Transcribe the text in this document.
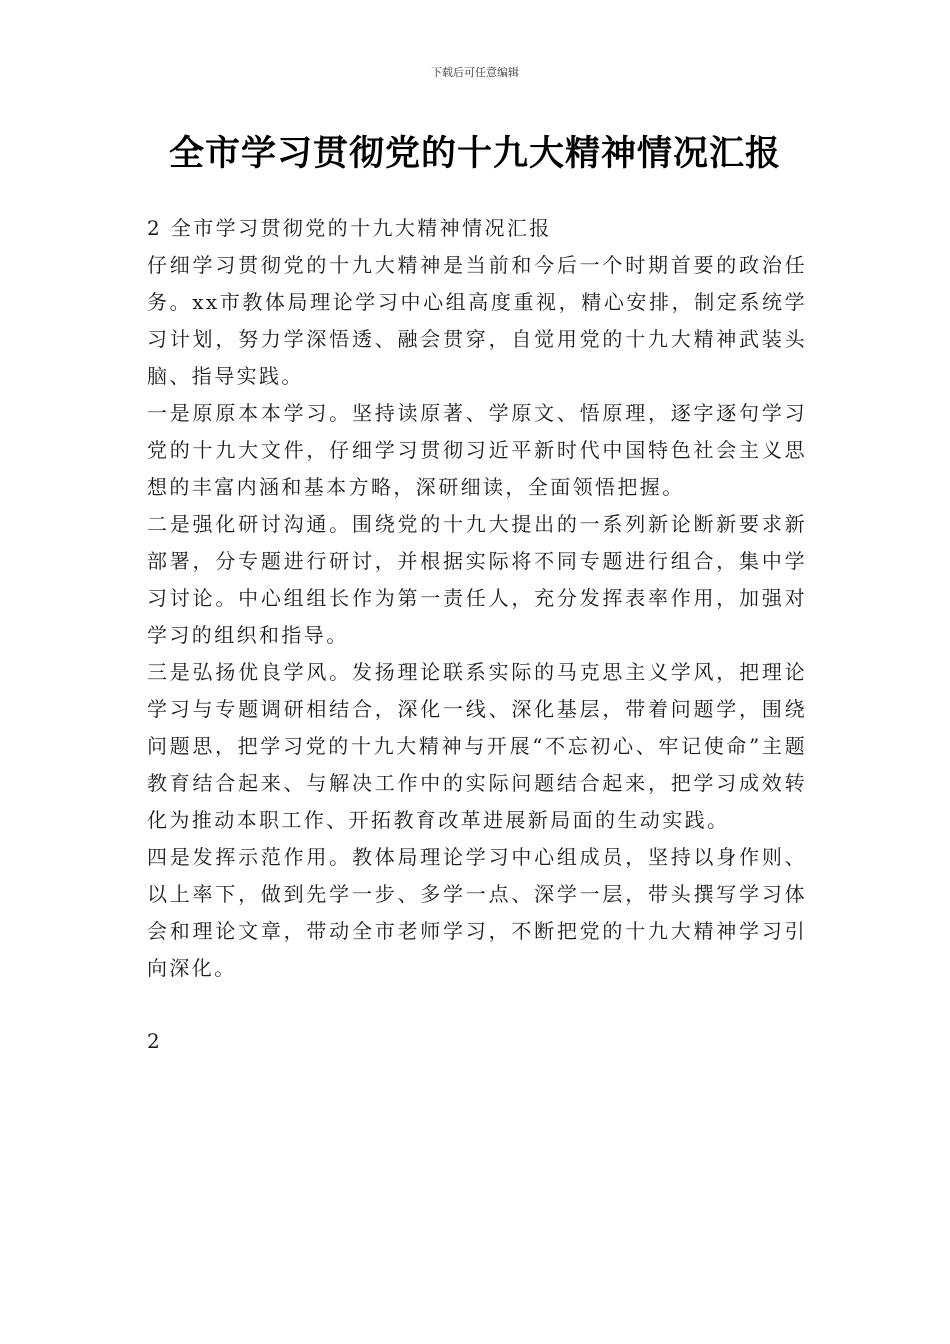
下载后可任意编辑
全市学习贯彻党的十九大精神情况汇报

2 全市学习贯彻党的十九大精神情况汇报

仔细学习贯彻党的十九大精神是当前和今后一个时期首要的政治任务。xx市教体局理论学习中心组高度重视，精心安排，制定系统学习计划，努力学深悟透、融会贯穿，自觉用党的十九大精神武装头脑、指导实践。

一是原原本本学习。坚持读原著、学原文、悟原理，逐字逐句学习党的十九大文件，仔细学习贯彻习近平新时代中国特色社会主义思想的丰富内涵和基本方略，深研细读，全面领悟把握。

二是强化研讨沟通。围绕党的十九大提出的一系列新论断新要求新部署，分专题进行研讨，并根据实际将不同专题进行组合，集中学习讨论。中心组组长作为第一责任人，充分发挥表率作用，加强对学习的组织和指导。

三是弘扬优良学风。发扬理论联系实际的马克思主义学风，把理论学习与专题调研相结合，深化一线、深化基层，带着问题学，围绕问题思，把学习党的十九大精神与开展“不忘初心、牢记使命”主题教育结合起来、与解决工作中的实际问题结合起来，把学习成效转化为推动本职工作、开拓教育改革进展新局面的生动实践。

四是发挥示范作用。教体局理论学习中心组成员，坚持以身作则、以上率下，做到先学一步、多学一点、深学一层，带头撰写学习体会和理论文章，带动全市老师学习，不断把党的十九大精神学习引向深化。

2
